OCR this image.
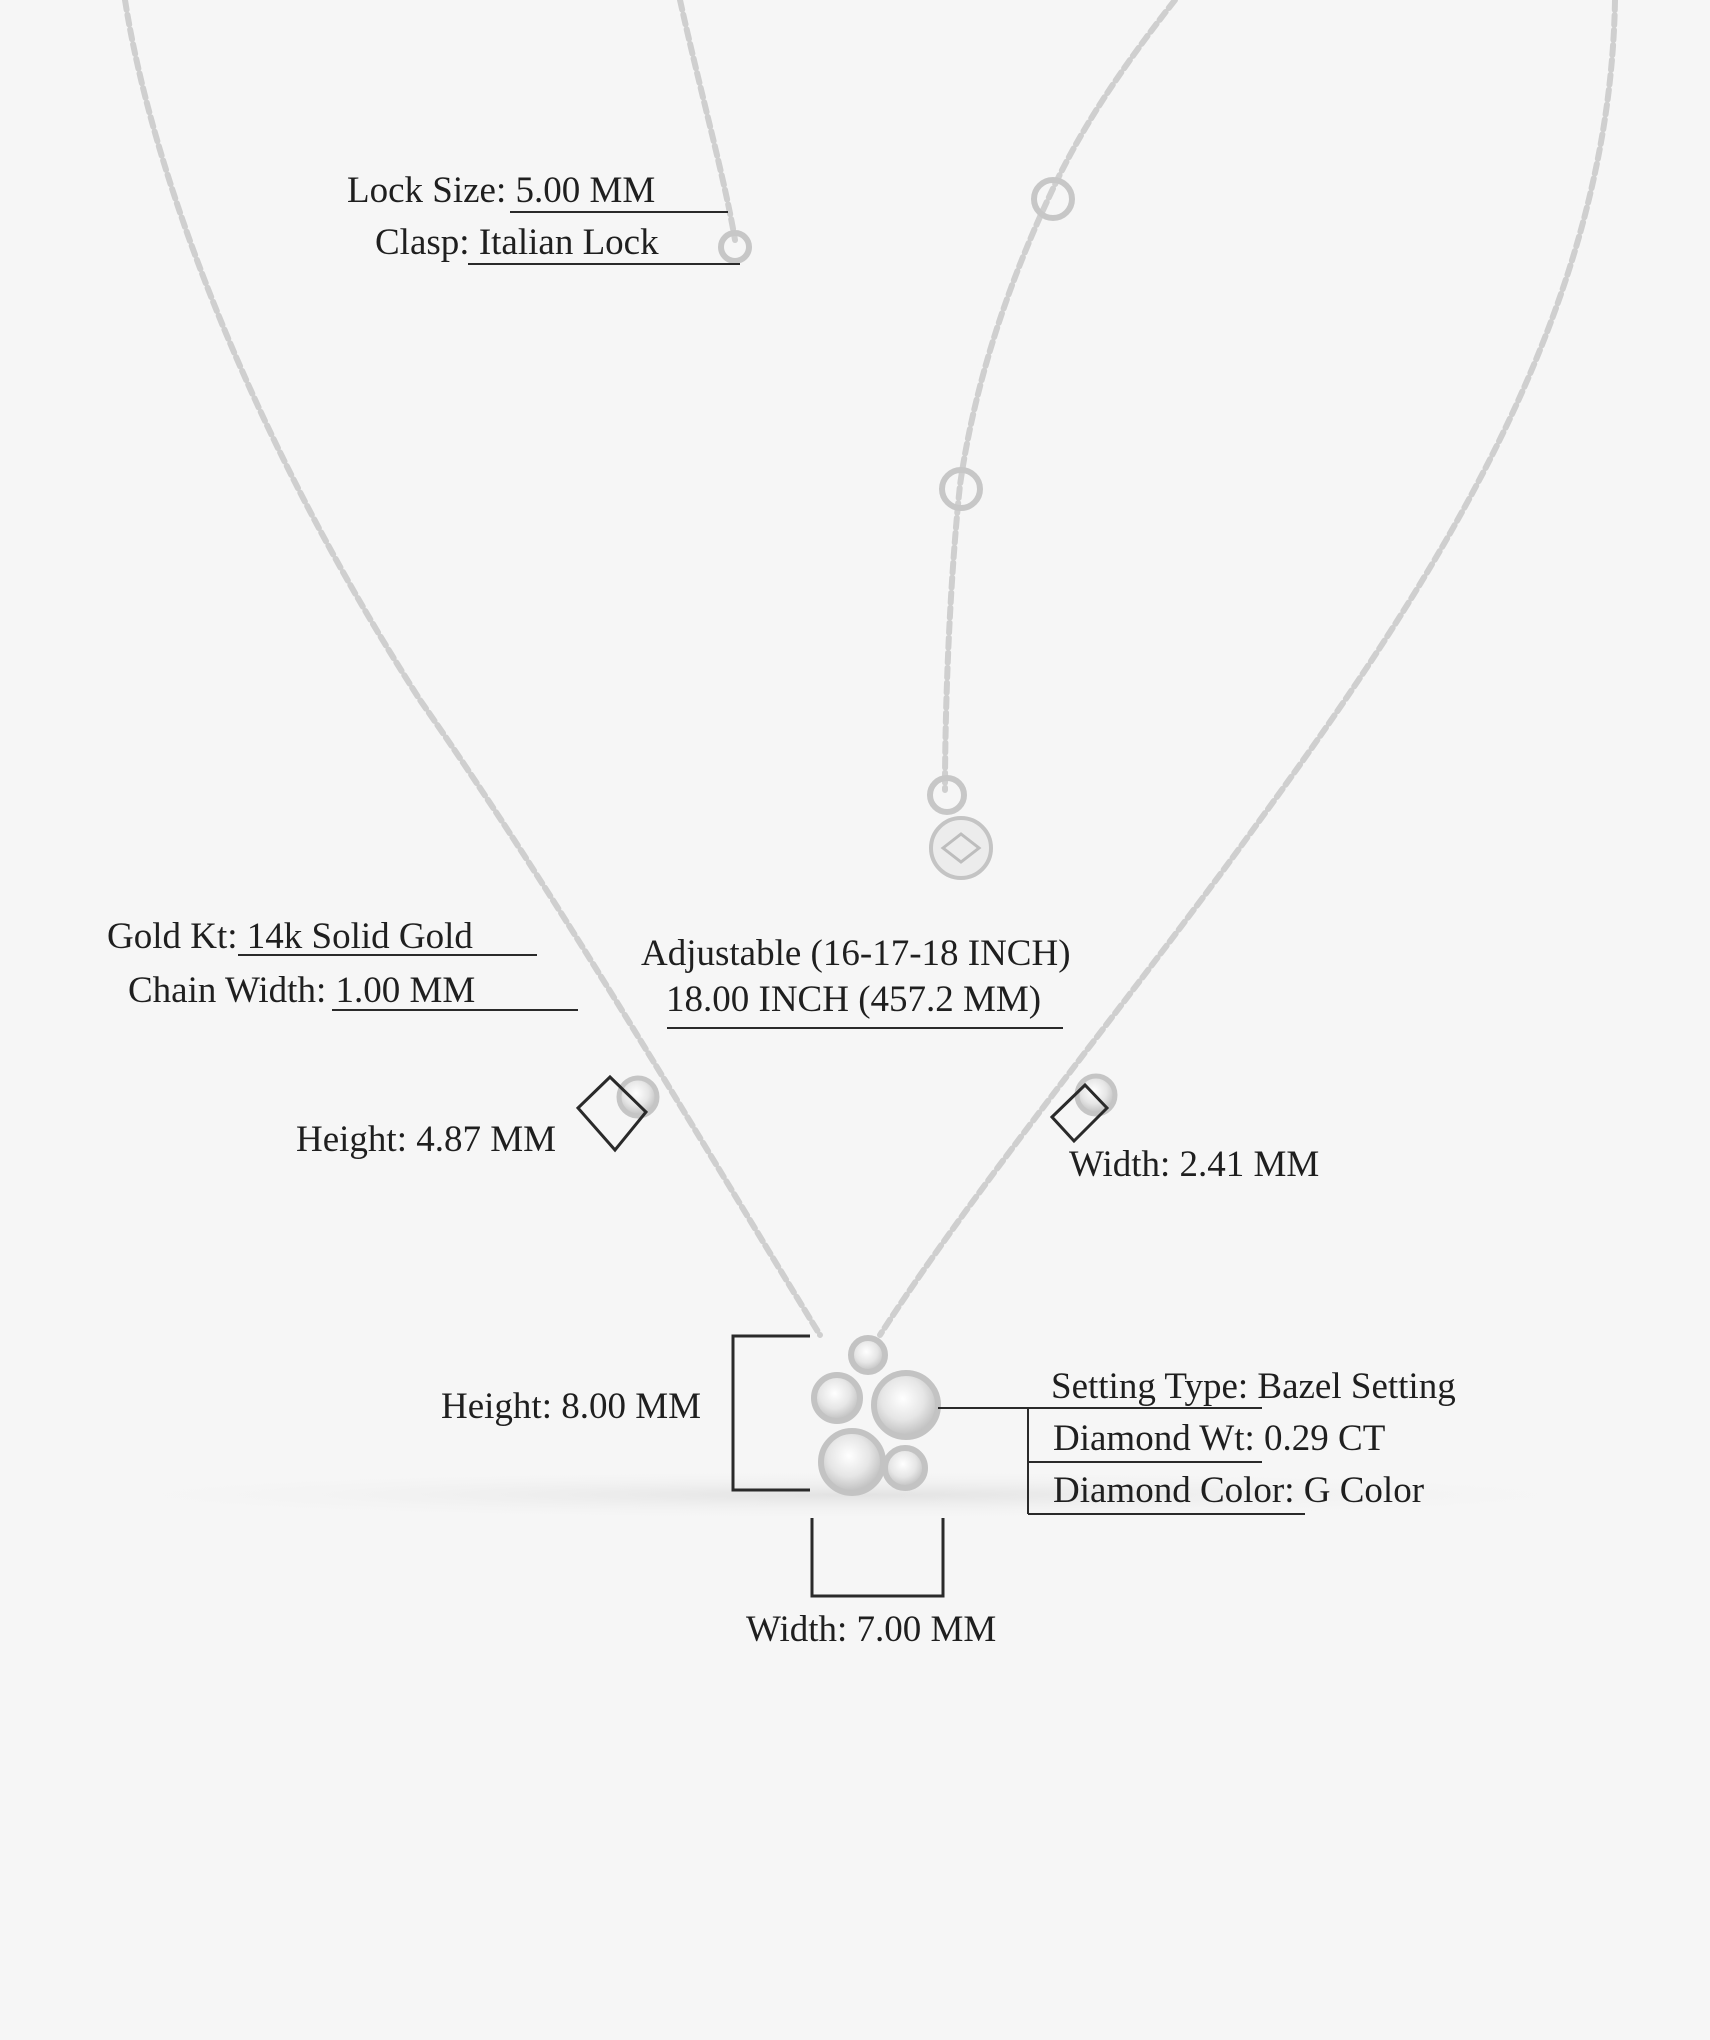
Lock Size: 5.00 MM
Clasp: Italian Lock
Gold Kt: 14k Solid Gold
Chain Width: 1.00 MM
Adjustable (16-17-18 INCH)
18.00 INCH (457.2 MM)
Height: 4.87 MM
Width: 2.41 MM
Height: 8.00 MM
Width: 7.00 MM
Setting Type: Bazel Setting
Diamond Wt: 0.29 CT
Diamond Color: G Color
